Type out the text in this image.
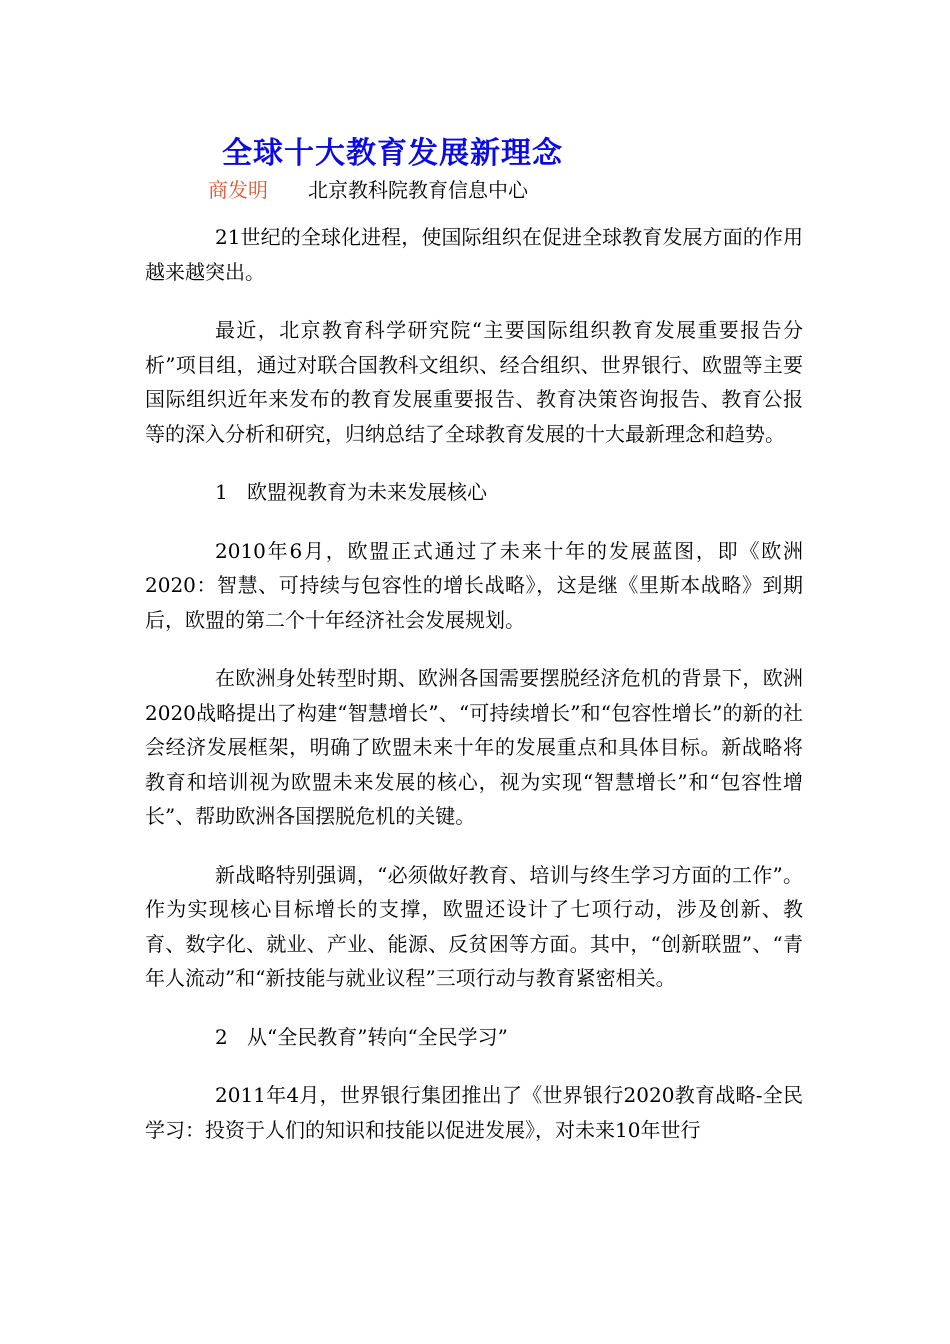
全球十大教育发展新理念
商发明 北京教科院教育信息中心

21世纪的全球化进程，使国际组织在促进全球教育发展方面的作用越来越突出。

最近，北京教育科学研究院“主要国际组织教育发展重要报告分析”项目组，通过对联合国教科文组织、经合组织、世界银行、欧盟等主要国际组织近年来发布的教育发展重要报告、教育决策咨询报告、教育公报等的深入分析和研究，归纳总结了全球教育发展的十大最新理念和趋势。

1 欧盟视教育为未来发展核心

2010年6月，欧盟正式通过了未来十年的发展蓝图，即《欧洲2020：智慧、可持续与包容性的增长战略》，这是继《里斯本战略》到期后，欧盟的第二个十年经济社会发展规划。

在欧洲身处转型时期、欧洲各国需要摆脱经济危机的背景下，欧洲2020战略提出了构建“智慧增长”、“可持续增长”和“包容性增长”的新的社会经济发展框架，明确了欧盟未来十年的发展重点和具体目标。新战略将教育和培训视为欧盟未来发展的核心，视为实现“智慧增长”和“包容性增长”、帮助欧洲各国摆脱危机的关键。

新战略特别强调，“必须做好教育、培训与终生学习方面的工作”。作为实现核心目标增长的支撑，欧盟还设计了七项行动，涉及创新、教育、数字化、就业、产业、能源、反贫困等方面。其中，“创新联盟”、“青年人流动”和“新技能与就业议程”三项行动与教育紧密相关。

2 从“全民教育”转向“全民学习”

2011年4月，世界银行集团推出了《世界银行2020教育战略-全民学习：投资于人们的知识和技能以促进发展》，对未来10年世行
